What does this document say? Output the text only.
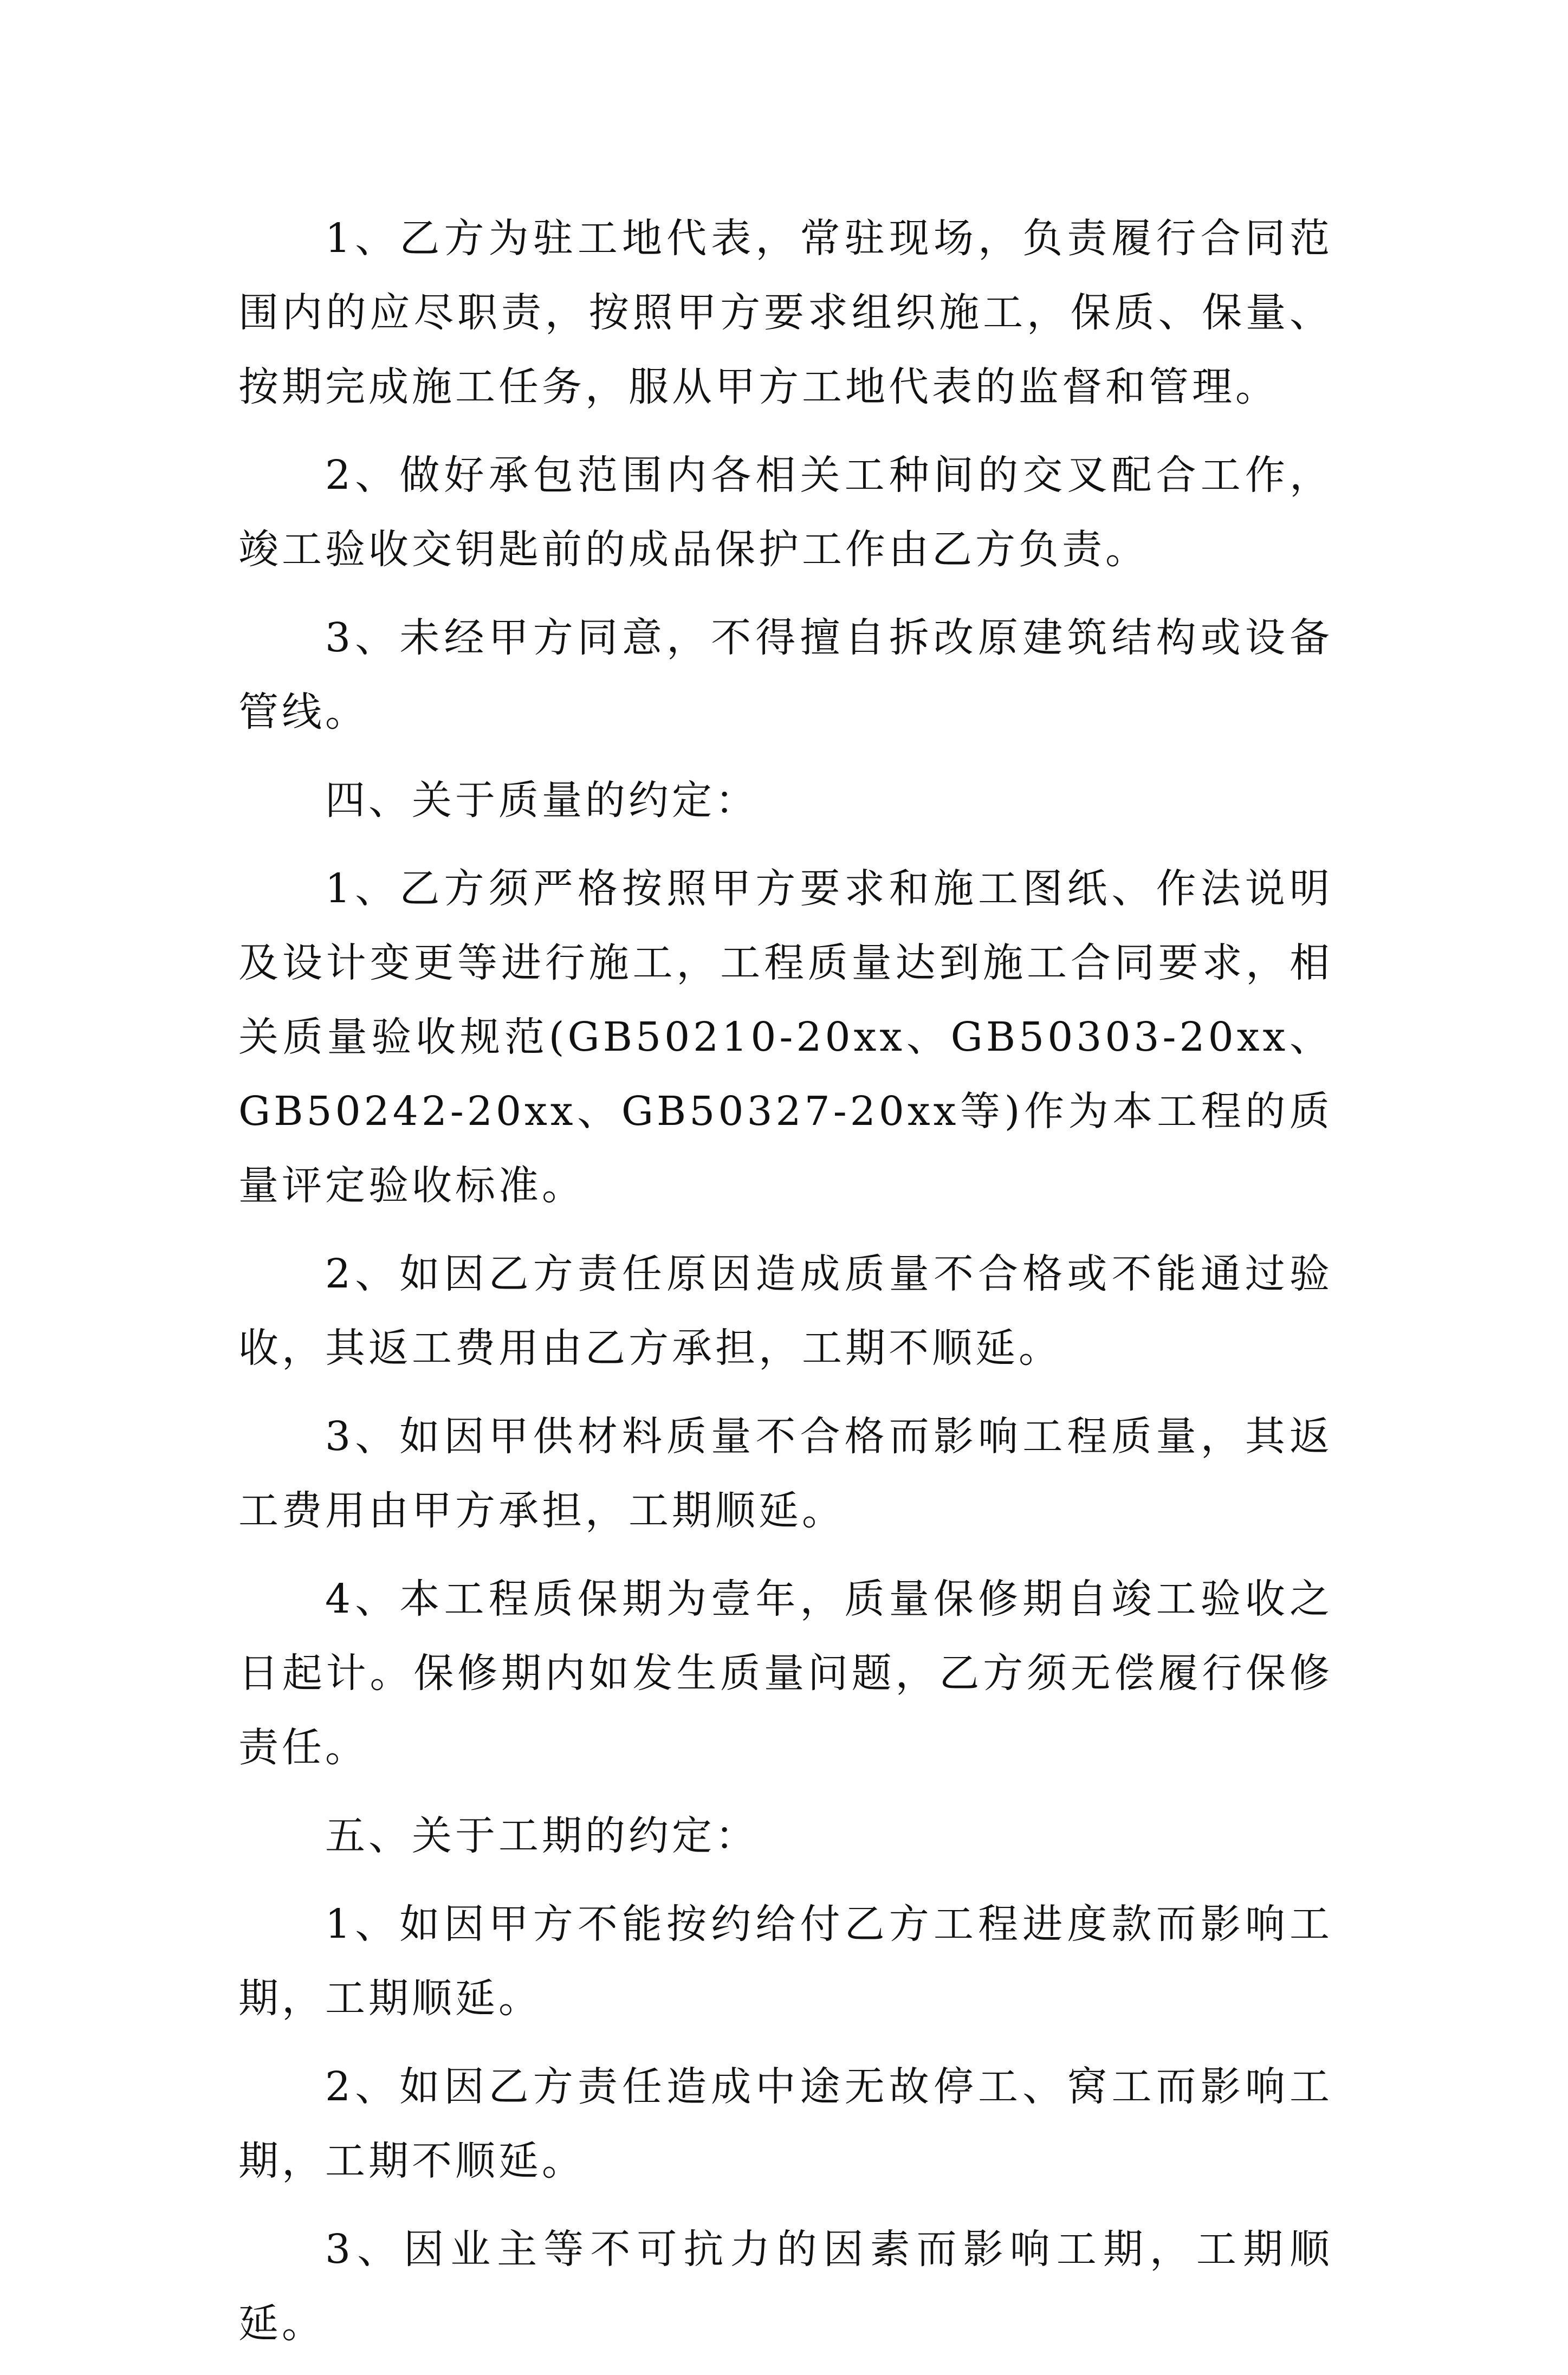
1、乙方为驻工地代表，常驻现场，负责履行合同范围内的应尽职责，按照甲方要求组织施工，保质、保量、按期完成施工任务，服从甲方工地代表的监督和管理。

2、做好承包范围内各相关工种间的交叉配合工作，竣工验收交钥匙前的成品保护工作由乙方负责。

3、未经甲方同意，不得擅自拆改原建筑结构或设备管线。

四、关于质量的约定：

1、乙方须严格按照甲方要求和施工图纸、作法说明及设计变更等进行施工，工程质量达到施工合同要求，相关质量验收规范(GB50210-20xx、GB50303-20xx、GB50242-20xx、GB50327-20xx等)作为本工程的质量评定验收标准。

2、如因乙方责任原因造成质量不合格或不能通过验收，其返工费用由乙方承担，工期不顺延。

3、如因甲供材料质量不合格而影响工程质量，其返工费用由甲方承担，工期顺延。

4、本工程质保期为壹年，质量保修期自竣工验收之日起计。保修期内如发生质量问题，乙方须无偿履行保修责任。

五、关于工期的约定：

1、如因甲方不能按约给付乙方工程进度款而影响工期，工期顺延。

2、如因乙方责任造成中途无故停工、窝工而影响工期，工期不顺延。

3、因业主等不可抗力的因素而影响工期，工期顺延。
